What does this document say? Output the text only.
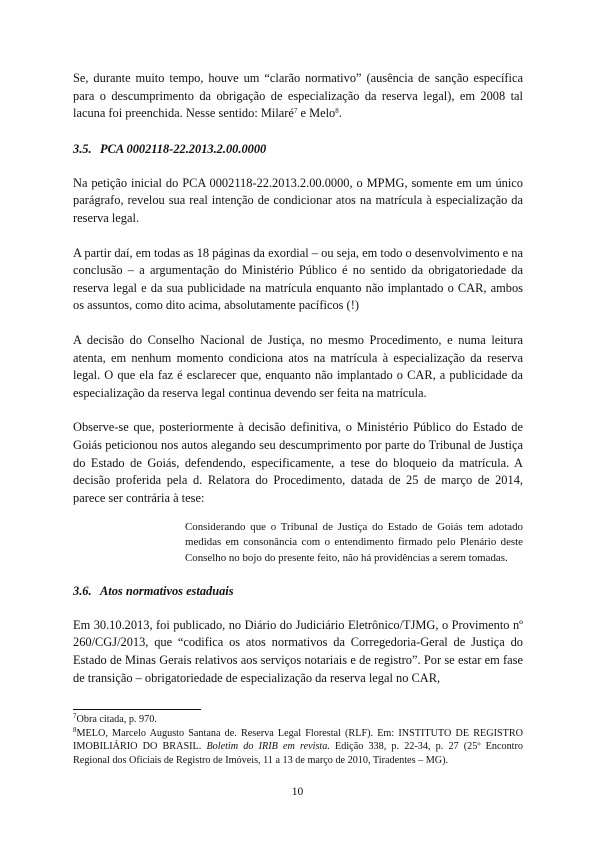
Se, durante muito tempo, houve um “clarão normativo” (ausência de sanção específica para o descumprimento da obrigação de especialização da reserva legal), em 2008 tal lacuna foi preenchida. Nesse sentido: Milaré$^7$ e Melo$^8$.

3.5. PCA 0002118-22.2013.2.00.0000

Na petição inicial do PCA 0002118-22.2013.2.00.0000, o MPMG, somente em um único parágrafo, revelou sua real intenção de condicionar atos na matrícula à especialização da reserva legal.

A partir daí, em todas as 18 páginas da exordial – ou seja, em todo o desenvolvimento e na conclusão – a argumentação do Ministério Público é no sentido da obrigatoriedade da reserva legal e da sua publicidade na matrícula enquanto não implantado o CAR, ambos os assuntos, como dito acima, absolutamente pacíficos (!)

A decisão do Conselho Nacional de Justiça, no mesmo Procedimento, e numa leitura atenta, em nenhum momento condiciona atos na matrícula à especialização da reserva legal. O que ela faz é esclarecer que, enquanto não implantado o CAR, a publicidade da especialização da reserva legal continua devendo ser feita na matrícula.

Observe-se que, posteriormente à decisão definitiva, o Ministério Público do Estado de Goiás peticionou nos autos alegando seu descumprimento por parte do Tribunal de Justiça do Estado de Goiás, defendendo, especificamente, a tese do bloqueio da matrícula. A decisão proferida pela d. Relatora do Procedimento, datada de 25 de março de 2014, parece ser contrária à tese:

Considerando que o Tribunal de Justiça do Estado de Goiás tem adotado medidas em consonância com o entendimento firmado pelo Plenário deste Conselho no bojo do presente feito, não há providências a serem tomadas.

3.6. Atos normativos estaduais

Em 30.10.2013, foi publicado, no Diário do Judiciário Eletrônico/TJMG, o Provimento nº 260/CGJ/2013, que “codifica os atos normativos da Corregedoria-Geral de Justiça do Estado de Minas Gerais relativos aos serviços notariais e de registro”. Por se estar em fase de transição – obrigatoriedade de especialização da reserva legal no CAR,

$^7$Obra citada, p. 970.

$^8$MELO, Marcelo Augusto Santana de. Reserva Legal Florestal (RLF). Em: INSTITUTO DE REGISTRO IMOBILIÁRIO DO BRASIL. Boletim do IRIB em revista. Edição 338, p. 22-34, p. 27 (25º Encontro Regional dos Oficiais de Registro de Imóveis, 11 a 13 de março de 2010, Tiradentes – MG).

10
